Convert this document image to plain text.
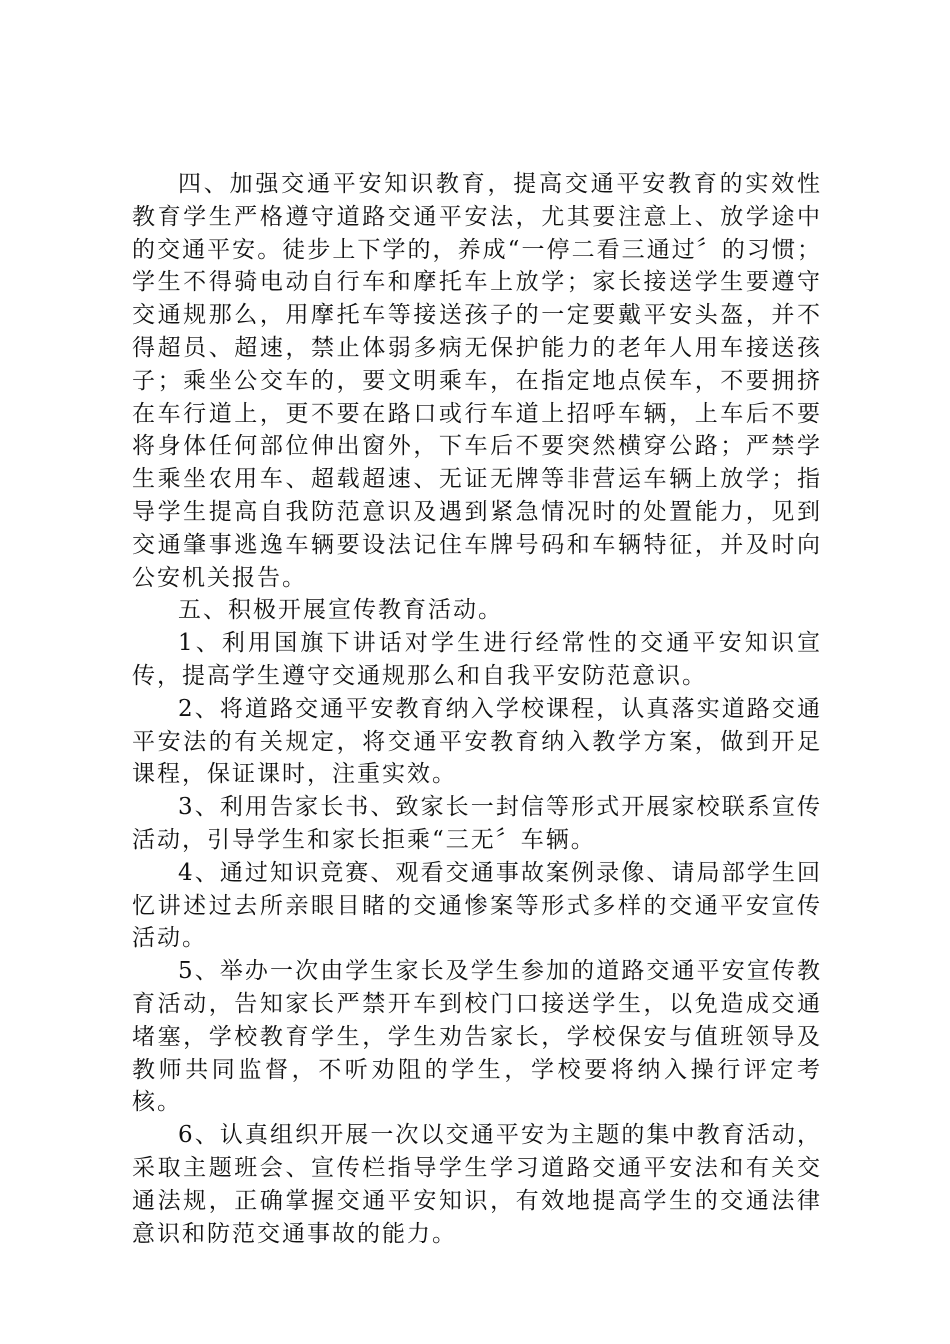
四、加强交通平安知识教育，提高交通平安教育的实效性教育学生严格遵守道路交通平安法，尤其要注意上、放学途中的交通平安。徒步上下学的，养成“一停二看三通过〞的习惯；学生不得骑电动自行车和摩托车上放学；家长接送学生要遵守交通规那么，用摩托车等接送孩子的一定要戴平安头盔，并不得超员、超速，禁止体弱多病无保护能力的老年人用车接送孩子；乘坐公交车的，要文明乘车，在指定地点侯车，不要拥挤在车行道上，更不要在路口或行车道上招呼车辆，上车后不要将身体任何部位伸出窗外，下车后不要突然横穿公路；严禁学生乘坐农用车、超载超速、无证无牌等非营运车辆上放学；指导学生提高自我防范意识及遇到紧急情况时的处置能力，见到交通肇事逃逸车辆要设法记住车牌号码和车辆特征，并及时向公安机关报告。

五、积极开展宣传教育活动。

1、利用国旗下讲话对学生进行经常性的交通平安知识宣传，提高学生遵守交通规那么和自我平安防范意识。

2、将道路交通平安教育纳入学校课程，认真落实道路交通平安法的有关规定，将交通平安教育纳入教学方案，做到开足课程，保证课时，注重实效。

3、利用告家长书、致家长一封信等形式开展家校联系宣传活动，引导学生和家长拒乘“三无〞车辆。

4、通过知识竞赛、观看交通事故案例录像、请局部学生回忆讲述过去所亲眼目睹的交通惨案等形式多样的交通平安宣传活动。

5、举办一次由学生家长及学生参加的道路交通平安宣传教育活动，告知家长严禁开车到校门口接送学生，以免造成交通堵塞，学校教育学生，学生劝告家长，学校保安与值班领导及教师共同监督，不听劝阻的学生，学校要将纳入操行评定考核。

6、认真组织开展一次以交通平安为主题的集中教育活动，采取主题班会、宣传栏指导学生学习道路交通平安法和有关交通法规，正确掌握交通平安知识，有效地提高学生的交通法律意识和防范交通事故的能力。
